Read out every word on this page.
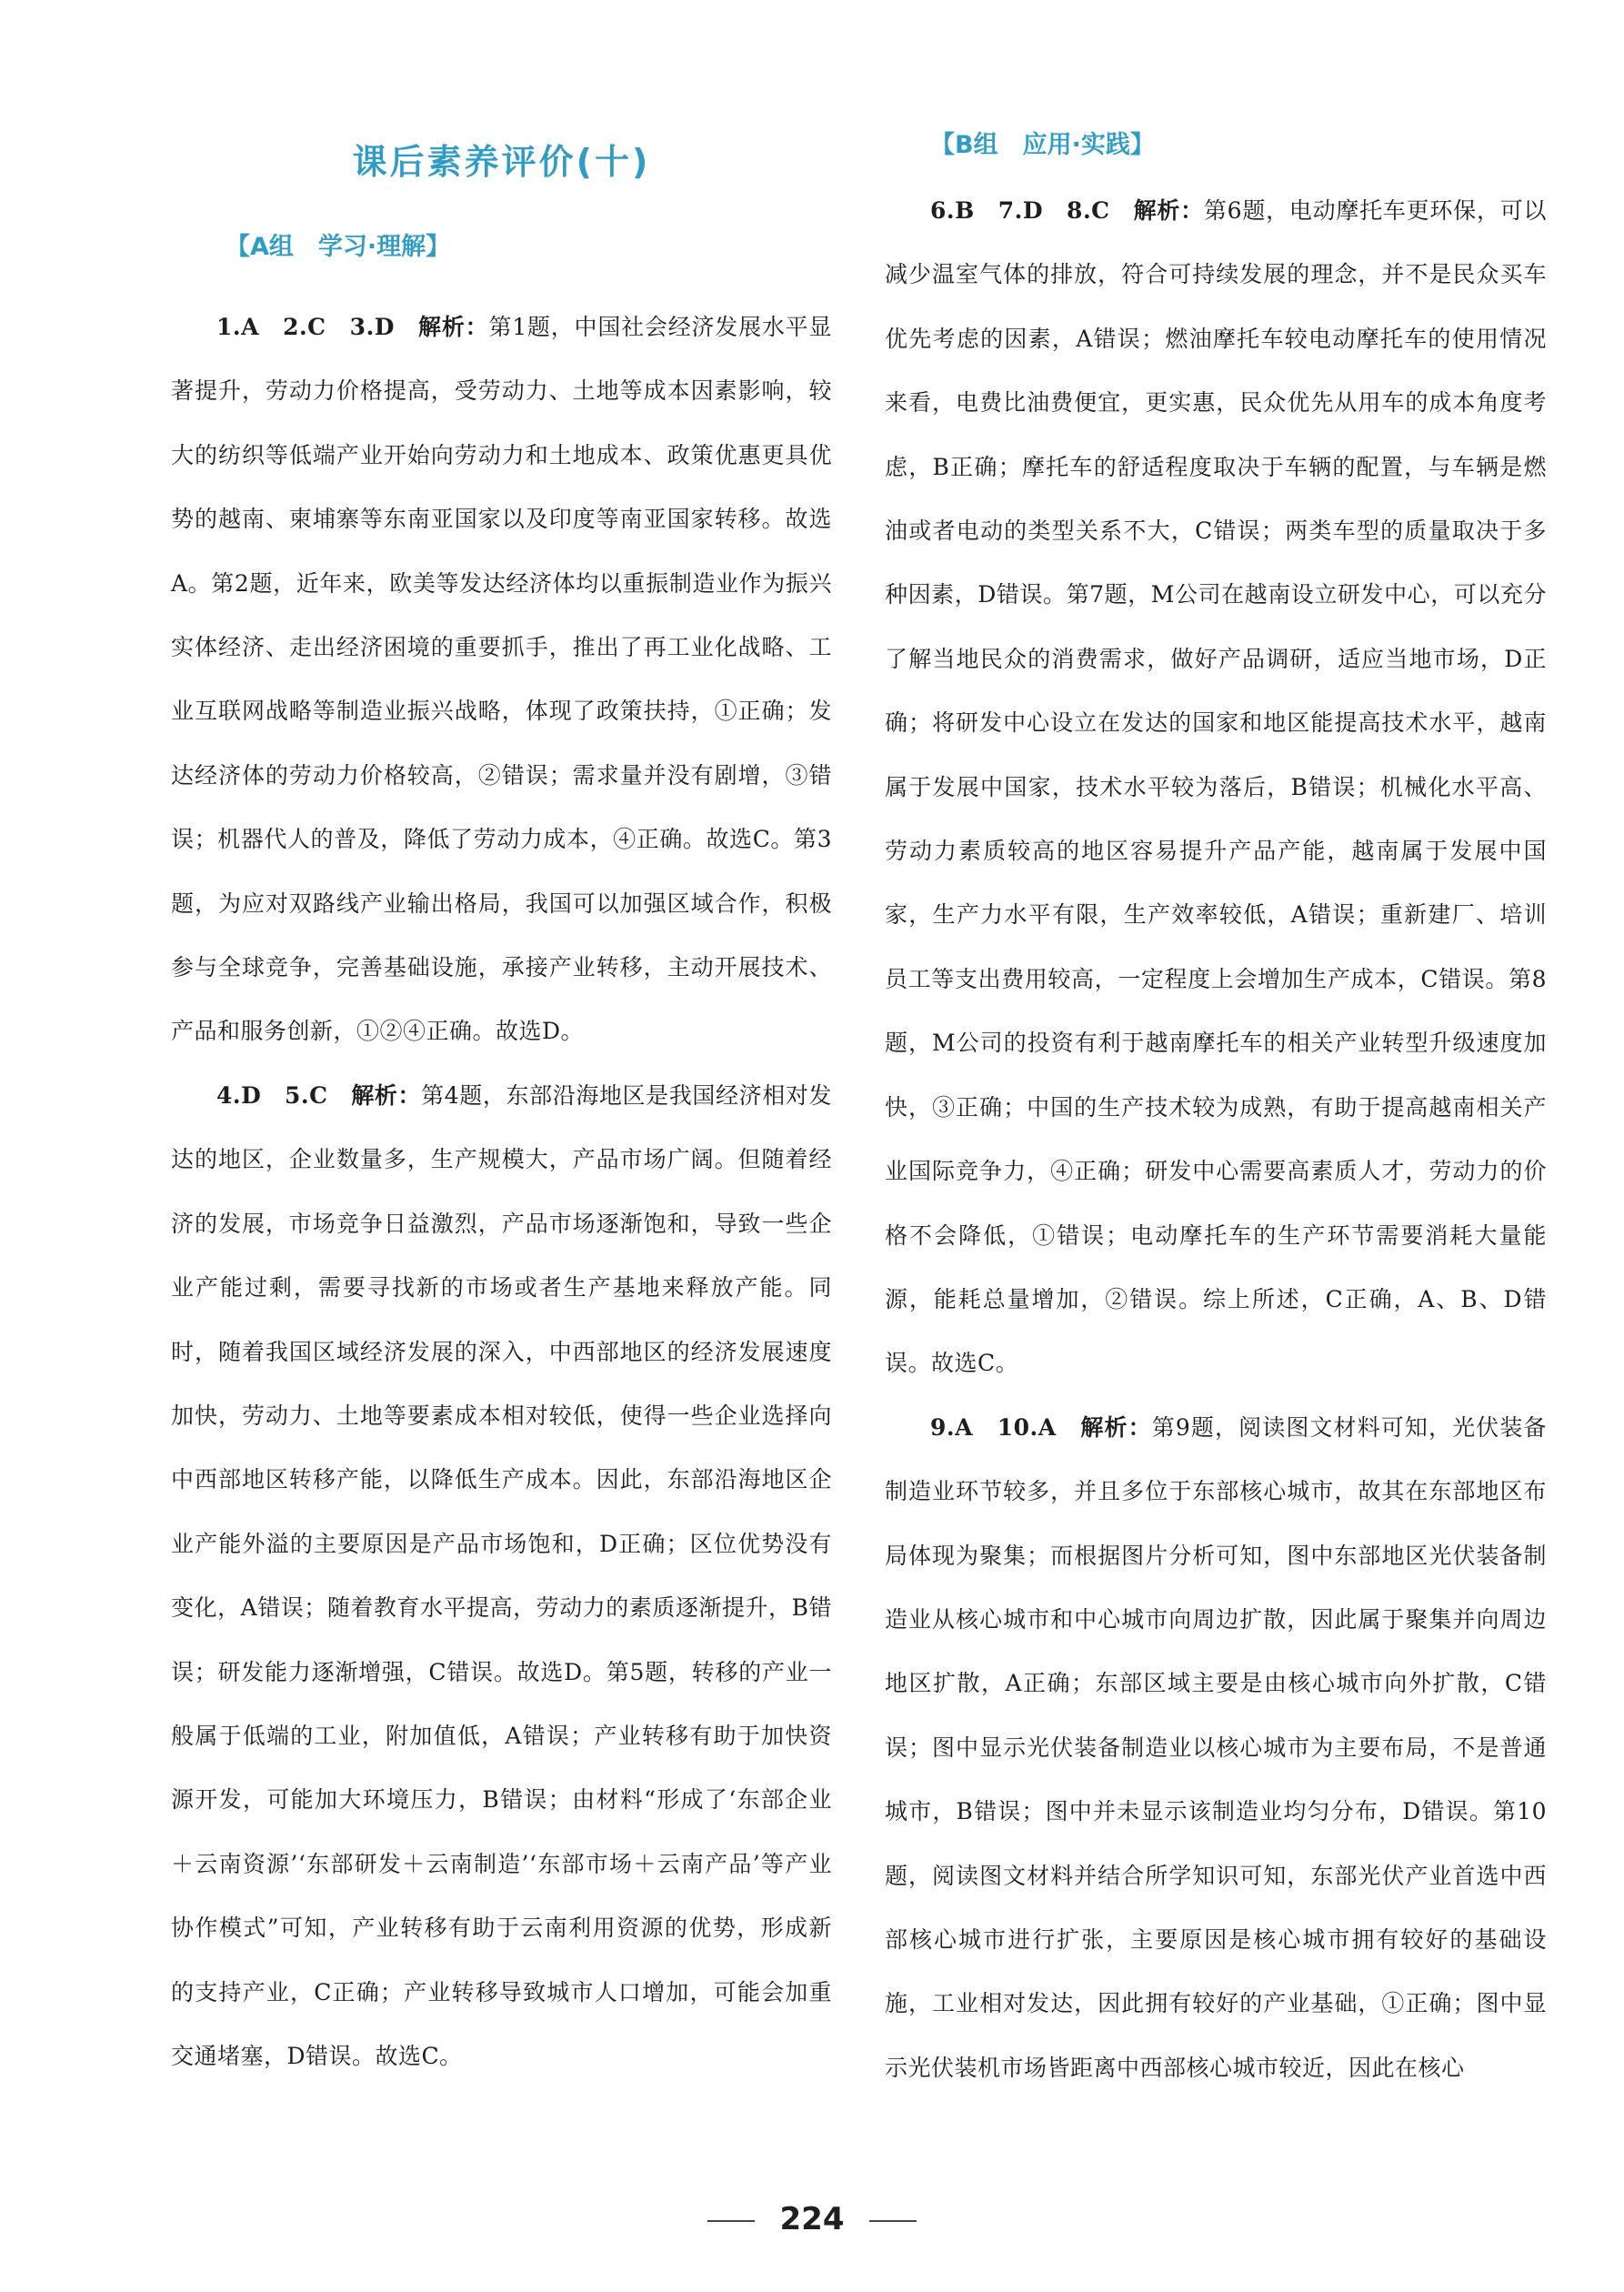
课后素养评价(十)
【A组　学习·理解】

1.A　2.C　3.D　 解析：第1题，中国社会经济发展水平显著提升，劳动力价格提高，受劳动力、土地等成本因素影响，较大的纺织等低端产业开始向劳动力和土地成本、政策优惠更具优势的越南、柬埔寨等东南亚国家以及印度等南亚国家转移。故选A。第2题，近年来，欧美等发达经济体均以重振制造业作为振兴实体经济、走出经济困境的重要抓手，推出了再工业化战略、工业互联网战略等制造业振兴战略，体现了政策扶持，①正确；发达经济体的劳动力价格较高，②错误；需求量并没有剧增，③错误；机器代人的普及，降低了劳动力成本，④正确。故选C。第3题，为应对双路线产业输出格局，我国可以加强区域合作，积极参与全球竞争，完善基础设施，承接产业转移，主动开展技术、产品和服务创新，①②④正确。故选D。

4.D　5.C　 解析：第4题，东部沿海地区是我国经济相对发达的地区，企业数量多，生产规模大，产品市场广阔。但随着经济的发展，市场竞争日益激烈，产品市场逐渐饱和，导致一些企业产能过剩，需要寻找新的市场或者生产基地来释放产能。同时，随着我国区域经济发展的深入，中西部地区的经济发展速度加快，劳动力、土地等要素成本相对较低，使得一些企业选择向中西部地区转移产能，以降低生产成本。因此，东部沿海地区企业产能外溢的主要原因是产品市场饱和，D正确；区位优势没有变化，A错误；随着教育水平提高，劳动力的素质逐渐提升，B错误；研发能力逐渐增强，C错误。故选D。第5题，转移的产业一般属于低端的工业，附加值低，A错误；产业转移有助于加快资源开发，可能加大环境压力，B错误；由材料“形成了‘东部企业＋云南资源’‘东部研发＋云南制造’‘东部市场＋云南产品’等产业协作模式”可知，产业转移有助于云南利用资源的优势，形成新的支持产业，C正确；产业转移导致城市人口增加，可能会加重交通堵塞，D错误。故选C。

【B组　应用·实践】

6.B　7.D　8.C　 解析：第6题，电动摩托车更环保，可以减少温室气体的排放，符合可持续发展的理念，并不是民众买车优先考虑的因素，A错误；燃油摩托车较电动摩托车的使用情况来看，电费比油费便宜，更实惠，民众优先从用车的成本角度考虑，B正确；摩托车的舒适程度取决于车辆的配置，与车辆是燃油或者电动的类型关系不大，C错误；两类车型的质量取决于多种因素，D错误。第7题，M公司在越南设立研发中心，可以充分了解当地民众的消费需求，做好产品调研，适应当地市场，D正确；将研发中心设立在发达的国家和地区能提高技术水平，越南属于发展中国家，技术水平较为落后，B错误；机械化水平高、劳动力素质较高的地区容易提升产品产能，越南属于发展中国家，生产力水平有限，生产效率较低，A错误；重新建厂、培训员工等支出费用较高，一定程度上会增加生产成本，C错误。第8题，M公司的投资有利于越南摩托车的相关产业转型升级速度加快，③正确；中国的生产技术较为成熟，有助于提高越南相关产业国际竞争力，④正确；研发中心需要高素质人才，劳动力的价格不会降低，①错误；电动摩托车的生产环节需要消耗大量能源，能耗总量增加，②错误。综上所述，C正确，A、B、D错误。故选C。

9.A　10.A　 解析：第9题，阅读图文材料可知，光伏装备制造业环节较多，并且多位于东部核心城市，故其在东部地区布局体现为聚集；而根据图片分析可知，图中东部地区光伏装备制造业从核心城市和中心城市向周边扩散，因此属于聚集并向周边地区扩散，A正确；东部区域主要是由核心城市向外扩散，C错误；图中显示光伏装备制造业以核心城市为主要布局，不是普通城市，B错误；图中并未显示该制造业均匀分布，D错误。第10题，阅读图文材料并结合所学知识可知，东部光伏产业首选中西部核心城市进行扩张，主要原因是核心城市拥有较好的基础设施，工业相对发达，因此拥有较好的产业基础，①正确；图中显示光伏装机市场皆距离中西部核心城市较近，因此在核心

224
